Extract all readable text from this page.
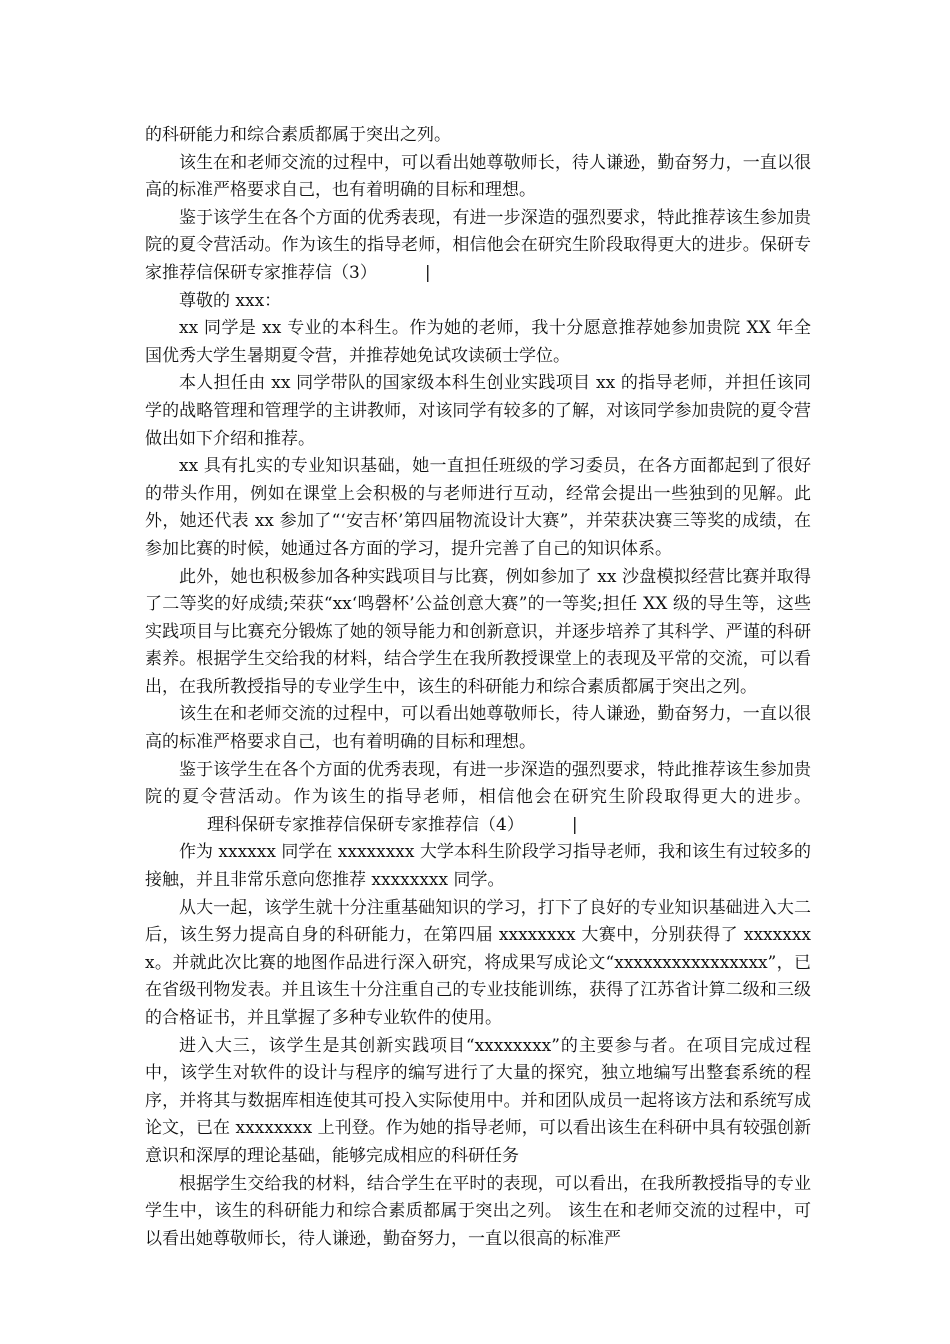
的科研能力和综合素质都属于突出之列。

该生在和老师交流的过程中，可以看出她尊敬师长，待人谦逊，勤奋努力，一直以很高的标准严格要求自己，也有着明确的目标和理想。

鉴于该学生在各个方面的优秀表现，有进一步深造的强烈要求，特此推荐该生参加贵院的夏令营活动。作为该生的指导老师，相信他会在研究生阶段取得更大的进步。保研专家推荐信保研专家推荐信（3）	|

尊敬的 xxx：

xx 同学是 xx 专业的本科生。作为她的老师，我十分愿意推荐她参加贵院 XX 年全国优秀大学生暑期夏令营，并推荐她免试攻读硕士学位。

本人担任由 xx 同学带队的国家级本科生创业实践项目 xx 的指导老师，并担任该同学的战略管理和管理学的主讲教师，对该同学有较多的了解，对该同学参加贵院的夏令营做出如下介绍和推荐。

xx 具有扎实的专业知识基础，她一直担任班级的学习委员，在各方面都起到了很好的带头作用，例如在课堂上会积极的与老师进行互动，经常会提出一些独到的见解。此外，她还代表 xx 参加了“‘安吉杯’第四届物流设计大赛”，并荣获决赛三等奖的成绩，在参加比赛的时候，她通过各方面的学习，提升完善了自己的知识体系。

此外，她也积极参加各种实践项目与比赛，例如参加了 xx 沙盘模拟经营比赛并取得了二等奖的好成绩;荣获“xx‘鸣磬杯’公益创意大赛”的一等奖;担任 XX 级的导生等，这些实践项目与比赛充分锻炼了她的领导能力和创新意识，并逐步培养了其科学、严谨的科研素养。根据学生交给我的材料，结合学生在我所教授课堂上的表现及平常的交流，可以看出，在我所教授指导的专业学生中，该生的科研能力和综合素质都属于突出之列。

该生在和老师交流的过程中，可以看出她尊敬师长，待人谦逊，勤奋努力，一直以很高的标准严格要求自己，也有着明确的目标和理想。

鉴于该学生在各个方面的优秀表现，有进一步深造的强烈要求，特此推荐该生参加贵院的夏令营活动。作为该生的指导老师，相信他会在研究生阶段取得更大的进步。理科保研专家推荐信保研专家推荐信（4）	|

作为 xxxxxx 同学在 xxxxxxxx 大学本科生阶段学习指导老师，我和该生有过较多的接触，并且非常乐意向您推荐 xxxxxxxx 同学。

从大一起，该学生就十分注重基础知识的学习，打下了良好的专业知识基础进入大二后，该生努力提高自身的科研能力，在第四届 xxxxxxxx 大赛中，分别获得了 xxxxxxxx。并就此次比赛的地图作品进行深入研究，将成果写成论文“xxxxxxxxxxxxxxxx”，已在省级刊物发表。并且该生十分注重自己的专业技能训练，获得了江苏省计算二级和三级的合格证书，并且掌握了多种专业软件的使用。

进入大三，该学生是其创新实践项目“xxxxxxxx”的主要参与者。在项目完成过程中，该学生对软件的设计与程序的编写进行了大量的探究，独立地编写出整套系统的程序，并将其与数据库相连使其可投入实际使用中。并和团队成员一起将该方法和系统写成论文，已在 xxxxxxxx 上刊登。作为她的指导老师，可以看出该生在科研中具有较强创新意识和深厚的理论基础，能够完成相应的科研任务

根据学生交给我的材料，结合学生在平时的表现，可以看出，在我所教授指导的专业学生中，该生的科研能力和综合素质都属于突出之列。 该生在和老师交流的过程中，可以看出她尊敬师长，待人谦逊，勤奋努力，一直以很高的标准严
